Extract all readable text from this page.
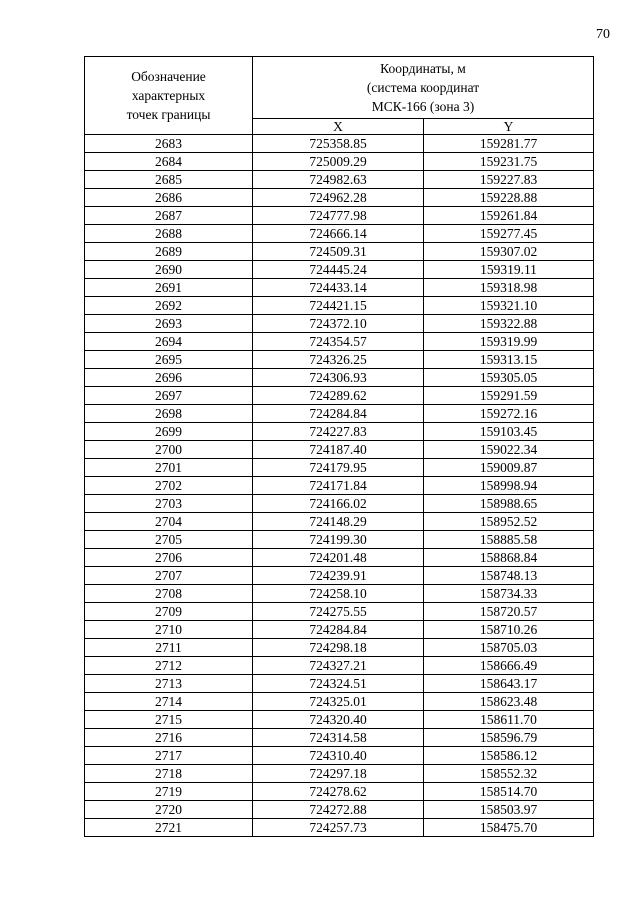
70
Обозначение
характерных
точек границы	Координаты, м
(система координат
МСК-166 (зона 3)	
	X	Y
2683	725358.85	159281.77
2684	725009.29	159231.75
2685	724982.63	159227.83
2686	724962.28	159228.88
2687	724777.98	159261.84
2688	724666.14	159277.45
2689	724509.31	159307.02
2690	724445.24	159319.11
2691	724433.14	159318.98
2692	724421.15	159321.10
2693	724372.10	159322.88
2694	724354.57	159319.99
2695	724326.25	159313.15
2696	724306.93	159305.05
2697	724289.62	159291.59
2698	724284.84	159272.16
2699	724227.83	159103.45
2700	724187.40	159022.34
2701	724179.95	159009.87
2702	724171.84	158998.94
2703	724166.02	158988.65
2704	724148.29	158952.52
2705	724199.30	158885.58
2706	724201.48	158868.84
2707	724239.91	158748.13
2708	724258.10	158734.33
2709	724275.55	158720.57
2710	724284.84	158710.26
2711	724298.18	158705.03
2712	724327.21	158666.49
2713	724324.51	158643.17
2714	724325.01	158623.48
2715	724320.40	158611.70
2716	724314.58	158596.79
2717	724310.40	158586.12
2718	724297.18	158552.32
2719	724278.62	158514.70
2720	724272.88	158503.97
2721	724257.73	158475.70
